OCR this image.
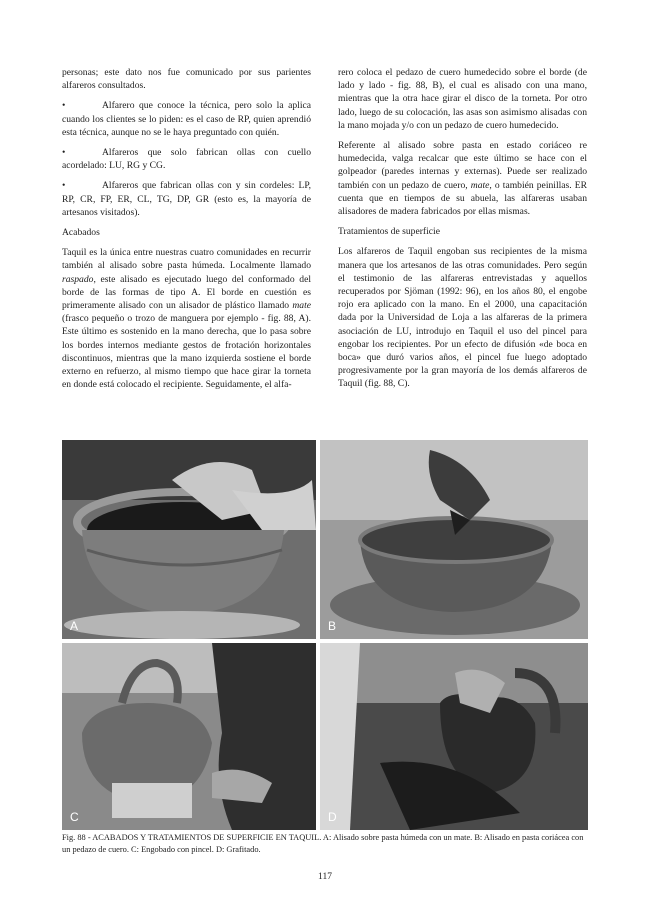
personas; este dato nos fue comunicado por sus parientes alfareros consultados.

•	Alfarero que conoce la técnica, pero solo la aplica cuando los clientes se lo piden: es el caso de RP, quien aprendió esta técnica, aunque no se le haya preguntado con quién.

•	Alfareros que solo fabrican ollas con cuello acordelado: LU, RG y CG.

•	Alfareros que fabrican ollas con y sin cordeles: LP, RP, CR, FP, ER, CL, TG, DP, GR (esto es, la mayoría de artesanos visitados).

Acabados

Taquil es la única entre nuestras cuatro comunidades en recurrir también al alisado sobre pasta húmeda. Localmente llamado raspado, este alisado es ejecutado luego del conformado del borde de las formas de tipo A. El borde en cuestión es primeramente alisado con un alisador de plástico llamado mate (frasco pequeño o trozo de manguera por ejemplo - fig. 88, A). Este último es sostenido en la mano derecha, que lo pasa sobre los bordes internos mediante gestos de frotación horizontales discontinuos, mientras que la mano izquierda sostiene el borde externo en refuerzo, al mismo tiempo que hace girar la torneta en donde está colocado el recipiente. Seguidamente, el alfa-

rero coloca el pedazo de cuero humedecido sobre el borde (de lado y lado - fig. 88, B), el cual es alisado con una mano, mientras que la otra hace girar el disco de la torneta. Por otro lado, luego de su colocación, las asas son asimismo alisadas con la mano mojada y/o con un pedazo de cuero humedecido.

Referente al alisado sobre pasta en estado coriáceo re humedecida, valga recalcar que este último se hace con el golpeador (paredes internas y externas). Puede ser realizado también con un pedazo de cuero, mate, o también peinillas. ER cuenta que en tiempos de su abuela, las alfareras usaban alisadores de madera fabricados por ellas mismas.

Tratamientos de superficie

Los alfareros de Taquil engoban sus recipientes de la misma manera que los artesanos de las otras comunidades. Pero según el testimonio de las alfareras entrevistadas y aquellos recuperados por Sjöman (1992: 96), en los años 80, el engobe rojo era aplicado con la mano. En el 2000, una capacitación dada por la Universidad de Loja a las alfareras de la primera asociación de LU, introdujo en Taquil el uso del pincel para engobar los recipientes. Por un efecto de difusión «de boca en boca» que duró varios años, el pincel fue luego adoptado progresivamente por la gran mayoría de los demás alfareros de Taquil (fig. 88, C).

A	B
C	D
Fig. 88 - ACABADOS Y TRATAMIENTOS DE SUPERFICIE EN TAQUIL. A: Alisado sobre pasta húmeda con un mate. B: Alisado en pasta coriácea con un pedazo de cuero. C: Engobado con pincel. D: Grafitado.
117
